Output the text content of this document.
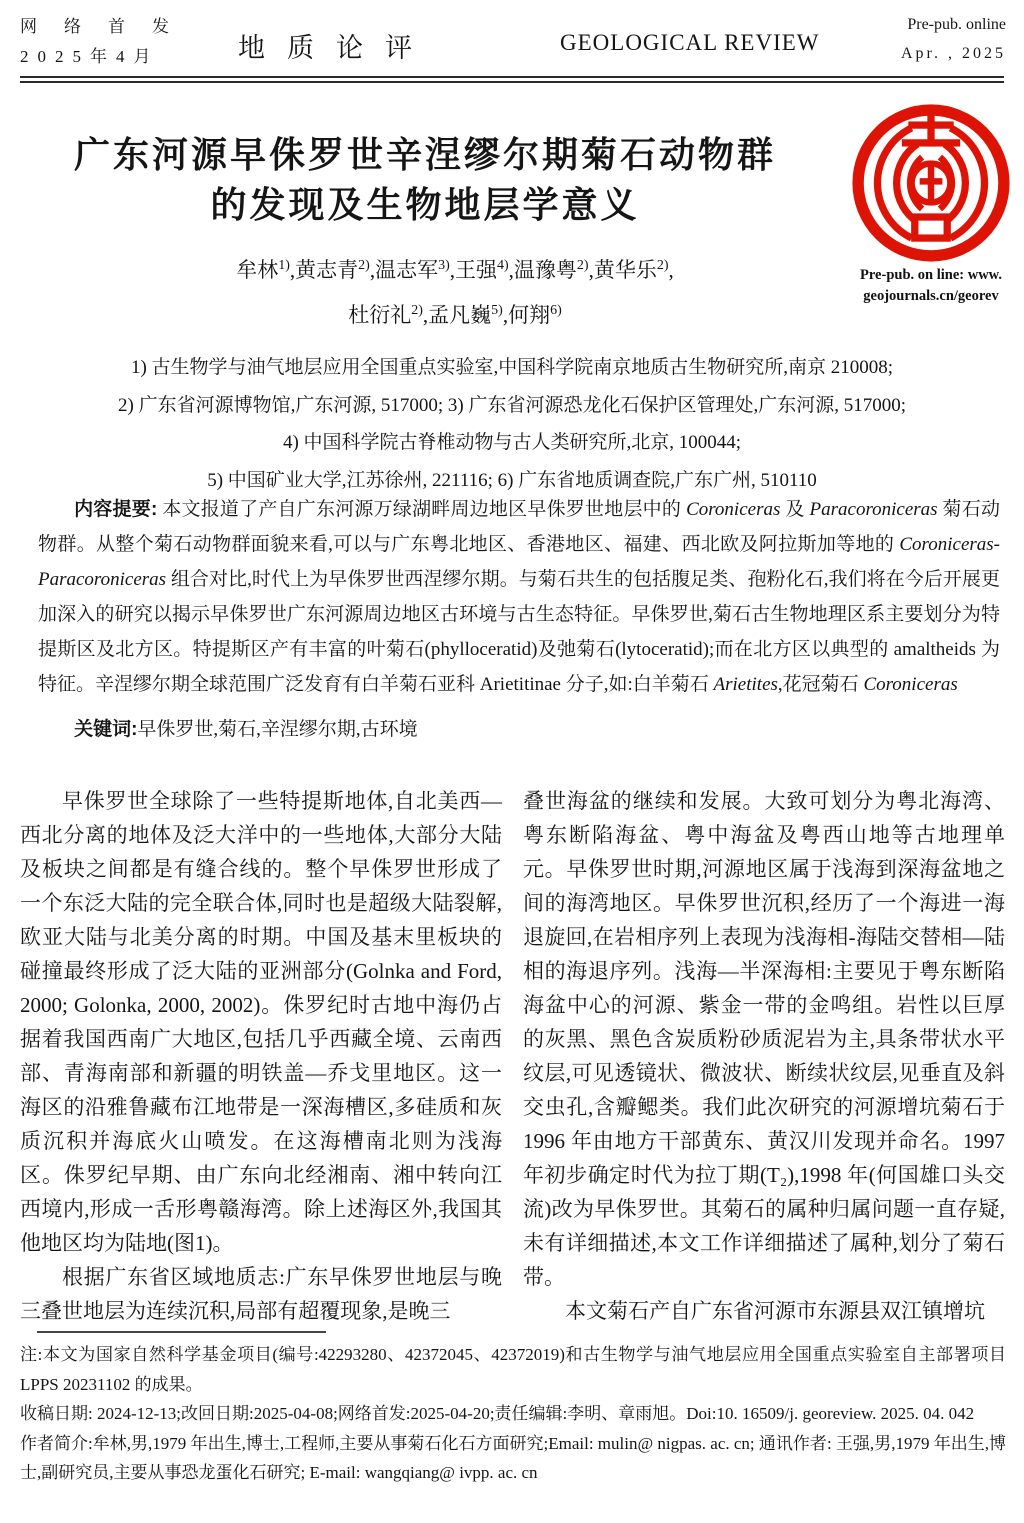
网络首发
2025年4月	地质论评	GEOLOGICAL REVIEW
Pre-pub. online
Apr. , 2025
广东河源早侏罗世辛涅缪尔期菊石动物群
的发现及生物地层学意义
Pre-pub. on line: www.
geojournals.cn/georev
牟林$^{1)}$,黄志青$^{2)}$,温志军$^{3)}$,王强$^{4)}$,温豫粤$^{2)}$,黄华乐$^{2)}$,
杜衍礼$^{2)}$,孟凡巍$^{5)}$,何翔$^{6)}$
1) 古生物学与油气地层应用全国重点实验室,中国科学院南京地质古生物研究所,南京 210008;
2) 广东省河源博物馆,广东河源, 517000; 3) 广东省河源恐龙化石保护区管理处,广东河源, 517000;
4) 中国科学院古脊椎动物与古人类研究所,北京, 100044;
5) 中国矿业大学,江苏徐州, 221116; 6) 广东省地质调查院,广东广州, 510110

内容提要: 本文报道了产自广东河源万绿湖畔周边地区早侏罗世地层中的 Coroniceras 及 Paracoroniceras 菊石动物群。从整个菊石动物群面貌来看,可以与广东粤北地区、香港地区、福建、西北欧及阿拉斯加等地的 Coroniceras-Paracoroniceras 组合对比,时代上为早侏罗世西涅缪尔期。与菊石共生的包括腹足类、孢粉化石,我们将在今后开展更加深入的研究以揭示早侏罗世广东河源周边地区古环境与古生态特征。早侏罗世,菊石古生物地理区系主要划分为特提斯区及北方区。特提斯区产有丰富的叶菊石(phylloceratid)及弛菊石(lytoceratid);而在北方区以典型的 amaltheids 为特征。辛涅缪尔期全球范围广泛发育有白羊菊石亚科 Arietitinae 分子,如:白羊菊石 Arietites,花冠菊石 Coroniceras

关键词:早侏罗世,菊石,辛涅缪尔期,古环境

早侏罗世全球除了一些特提斯地体,自北美西—西北分离的地体及泛大洋中的一些地体,大部分大陆及板块之间都是有缝合线的。整个早侏罗世形成了一个东泛大陆的完全联合体,同时也是超级大陆裂解,欧亚大陆与北美分离的时期。中国及基末里板块的碰撞最终形成了泛大陆的亚洲部分(Golnka and Ford, 2000; Golonka, 2000, 2002)。侏罗纪时古地中海仍占据着我国西南广大地区,包括几乎西藏全境、云南西部、青海南部和新疆的明铁盖—乔戈里地区。这一海区的沿雅鲁藏布江地带是一深海槽区,多硅质和灰质沉积并海底火山喷发。在这海槽南北则为浅海区。侏罗纪早期、由广东向北经湘南、湘中转向江西境内,形成一舌形粤赣海湾。除上述海区外,我国其他地区均为陆地(图1)。

根据广东省区域地质志:广东早侏罗世地层与晚三叠世地层为连续沉积,局部有超覆现象,是晚三

叠世海盆的继续和发展。大致可划分为粤北海湾、粤东断陷海盆、粤中海盆及粤西山地等古地理单元。早侏罗世时期,河源地区属于浅海到深海盆地之间的海湾地区。早侏罗世沉积,经历了一个海进一海退旋回,在岩相序列上表现为浅海相-海陆交替相—陆相的海退序列。浅海—半深海相:主要见于粤东断陷海盆中心的河源、紫金一带的金鸣组。岩性以巨厚的灰黑、黑色含炭质粉砂质泥岩为主,具条带状水平纹层,可见透镜状、微波状、断续状纹层,见垂直及斜交虫孔,含瓣鳃类。我们此次研究的河源增坑菊石于 1996 年由地方干部黄东、黄汉川发现并命名。1997 年初步确定时代为拉丁期(T₂),1998 年(何国雄口头交流)改为早侏罗世。其菊石的属种归属问题一直存疑,未有详细描述,本文工作详细描述了属种,划分了菊石带。

本文菊石产自广东省河源市东源县双江镇增坑

注:本文为国家自然科学基金项目(编号:42293280、42372045、42372019)和古生物学与油气地层应用全国重点实验室自主部署项目 LPPS 20231102 的成果。

收稿日期: 2024-12-13;改回日期:2025-04-08;网络首发:2025-04-20;责任编辑:李明、章雨旭。Doi:10. 16509/j. georeview. 2025. 04. 042

作者简介:牟林,男,1979 年出生,博士,工程师,主要从事菊石化石方面研究;Email: mulin@ nigpas. ac. cn; 通讯作者: 王强,男,1979 年出生,博士,副研究员,主要从事恐龙蛋化石研究; E-mail: wangqiang@ ivpp. ac. cn
